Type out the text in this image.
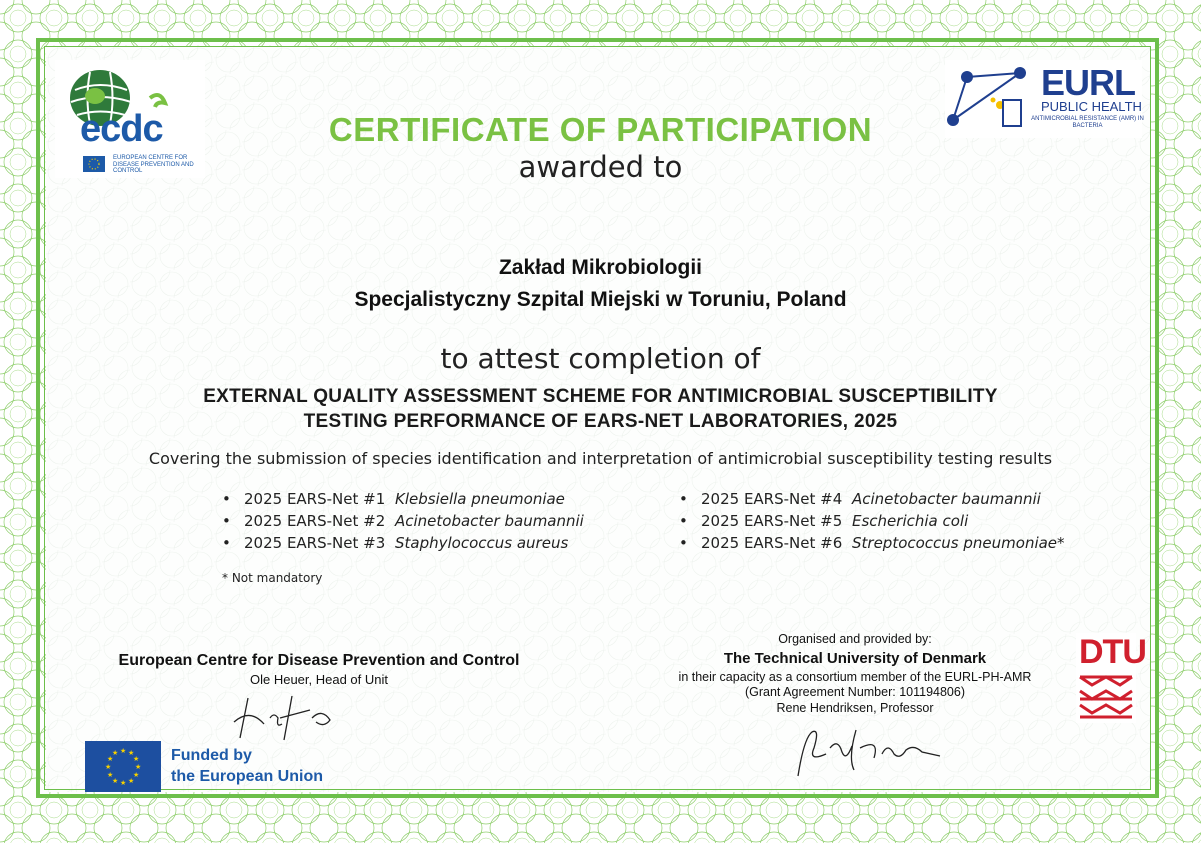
ecdc
EUROPEAN CENTRE FOR DISEASE PREVENTION AND CONTROL
EURL
PUBLIC HEALTH
ANTIMICROBIAL RESISTANCE (AMR) IN BACTERIA
CERTIFICATE OF PARTICIPATION
awarded to
Zakład Mikrobiologii
Specjalistyczny Szpital Miejski w Toruniu, Poland
to attest completion of
EXTERNAL QUALITY ASSESSMENT SCHEME FOR ANTIMICROBIAL SUSCEPTIBILITY
TESTING PERFORMANCE OF EARS-NET LABORATORIES, 2025
Covering the submission of species identification and interpretation of antimicrobial susceptibility testing results
• 2025 EARS-Net #1 Klebsiella pneumoniae
• 2025 EARS-Net #2 Acinetobacter baumannii
• 2025 EARS-Net #3 Staphylococcus aureus
• 2025 EARS-Net #4 Acinetobacter baumannii
• 2025 EARS-Net #5 Escherichia coli
• 2025 EARS-Net #6 Streptococcus pneumoniae*
* Not mandatory
European Centre for Disease Prevention and Control
Ole Heuer, Head of Unit
Organised and provided by:
The Technical University of Denmark
in their capacity as a consortium member of the EURL-PH-AMR
(Grant Agreement Number: 101194806)
Rene Hendriksen, Professor
DTU
★ ★
★
★
★
★
★
★
★
★
★
★	Funded by
the European Union
